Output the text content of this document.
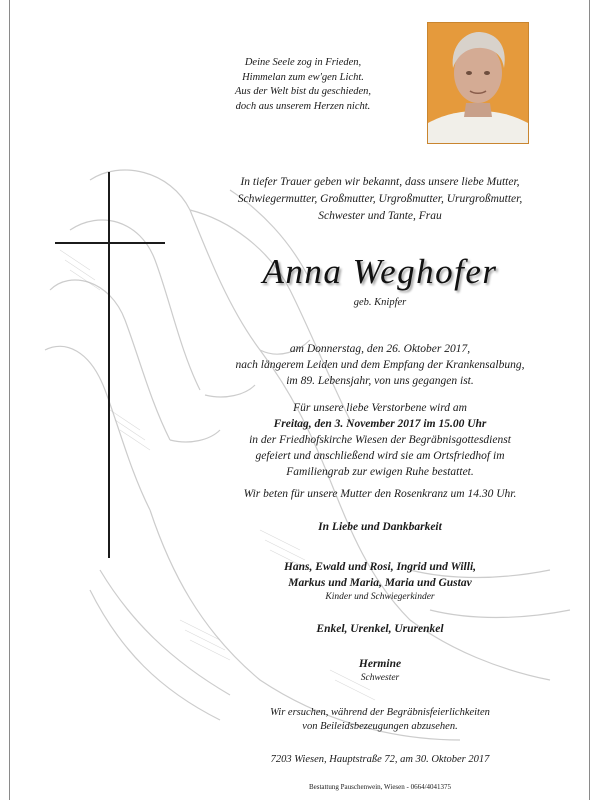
Deine Seele zog in Frieden,
Himmelan zum ew'gen Licht.
Aus der Welt bist du geschieden,
doch aus unserem Herzen nicht.
In tiefer Trauer geben wir bekannt, dass unsere liebe Mutter,
Schwiegermutter, Großmutter, Urgroßmutter, Ururgroßmutter,
Schwester und Tante, Frau
Anna Weghofer
geb. Knipfer
am Donnerstag, den 26. Oktober 2017,
nach längerem Leiden und dem Empfang der Krankensalbung,
im 89. Lebensjahr, von uns gegangen ist.
Für unsere liebe Verstorbene wird am
Freitag, den 3. November 2017 im 15.00 Uhr
in der Friedhofskirche Wiesen der Begräbnisgottesdienst
gefeiert und anschließend wird sie am Ortsfriedhof im
Familiengrab zur ewigen Ruhe bestattet.
Wir beten für unsere Mutter den Rosenkranz um 14.30 Uhr.
In Liebe und Dankbarkeit
Hans, Ewald und Rosi, Ingrid und Willi,
Markus und Maria, Maria und Gustav
Kinder und Schwiegerkinder
Enkel, Urenkel, Ururenkel
Hermine
Schwester
Wir ersuchen, während der Begräbnisfeierlichkeiten
von Beileidsbezeugungen abzusehen.
7203 Wiesen, Hauptstraße 72, am 30. Oktober 2017
Bestattung Pauschenwein, Wiesen - 0664/4041375
